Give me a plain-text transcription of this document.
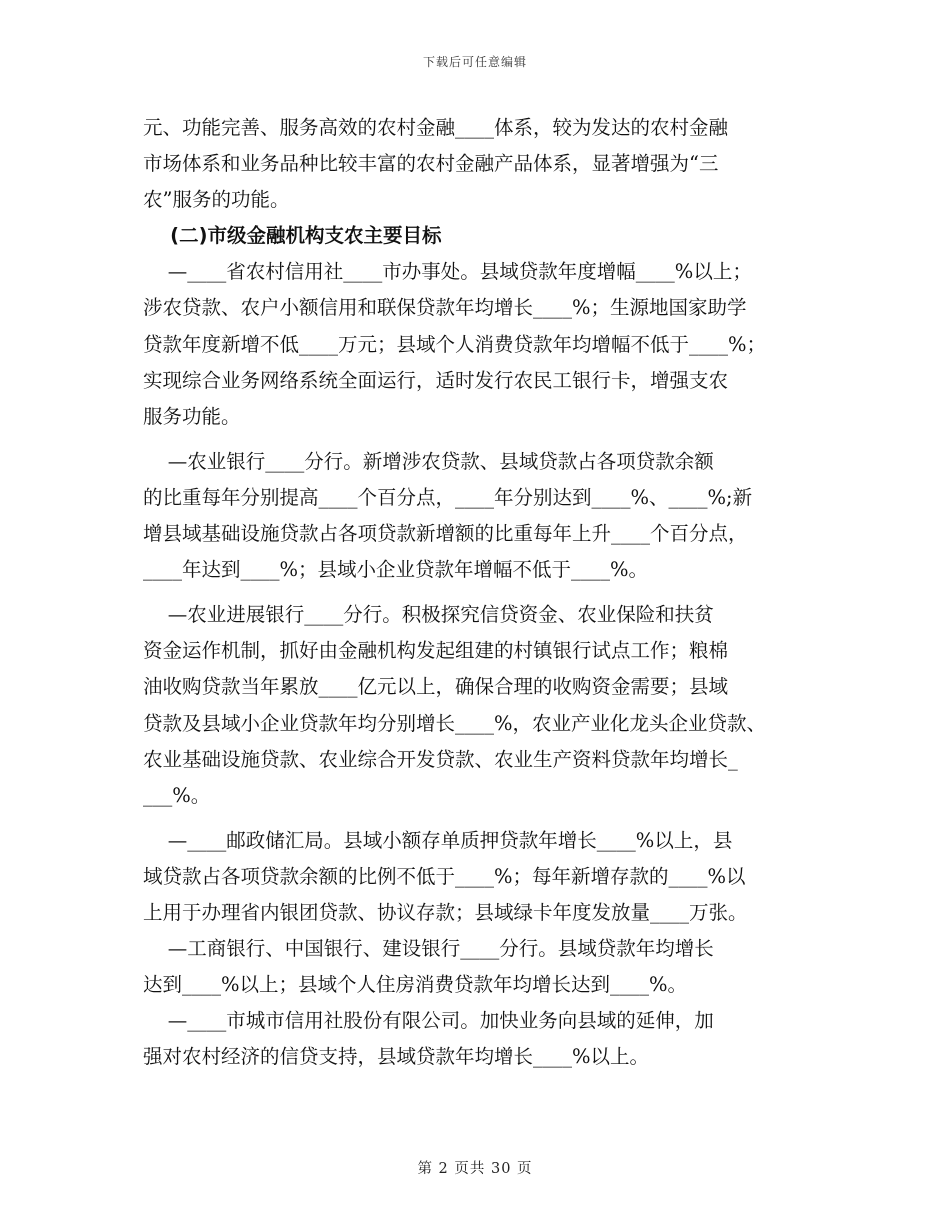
下载后可任意编辑
元、功能完善、服务高效的农村金融____体系，较为发达的农村金融
市场体系和业务品种比较丰富的农村金融产品体系，显著增强为“三
农”服务的功能。
(二)市级金融机构支农主要目标
—____省农村信用社____市办事处。县域贷款年度增幅____%以上；
涉农贷款、农户小额信用和联保贷款年均增长____%；生源地国家助学
贷款年度新增不低____万元；县域个人消费贷款年均增幅不低于____%；
实现综合业务网络系统全面运行，适时发行农民工银行卡，增强支农
服务功能。
—农业银行____分行。新增涉农贷款、县域贷款占各项贷款余额
的比重每年分别提高____个百分点，____年分别达到____%、____%;新
增县域基础设施贷款占各项贷款新增额的比重每年上升____个百分点，
____年达到____%；县域小企业贷款年增幅不低于____%。
—农业进展银行____分行。积极探究信贷资金、农业保险和扶贫
资金运作机制，抓好由金融机构发起组建的村镇银行试点工作；粮棉
油收购贷款当年累放____亿元以上，确保合理的收购资金需要；县域
贷款及县域小企业贷款年均分别增长____%，农业产业化龙头企业贷款、
农业基础设施贷款、农业综合开发贷款、农业生产资料贷款年均增长_
___%。
—____邮政储汇局。县域小额存单质押贷款年增长____%以上，县
域贷款占各项贷款余额的比例不低于____%；每年新增存款的____%以
上用于办理省内银团贷款、协议存款；县域绿卡年度发放量____万张。
—工商银行、中国银行、建设银行____分行。县域贷款年均增长
达到____%以上；县域个人住房消费贷款年均增长达到____%。
—____市城市信用社股份有限公司。加快业务向县域的延伸，加
强对农村经济的信贷支持，县域贷款年均增长____%以上。
第 2 页共 30 页
